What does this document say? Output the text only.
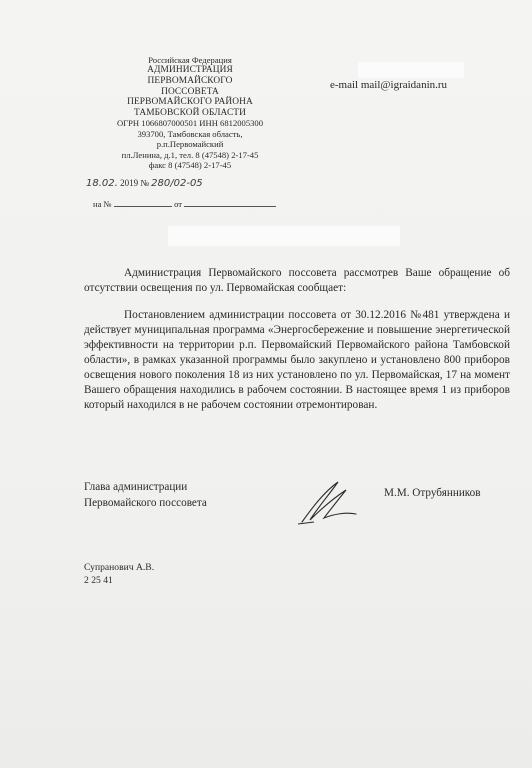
Российская Федерация
АДМИНИСТРАЦИЯ
ПЕРВОМАЙСКОГО
ПОССОВЕТА
ПЕРВОМАЙСКОГО РАЙОНА
ТАМБОВСКОЙ ОБЛАСТИ
ОГРН 1066807000501 ИНН 6812005300
393700, Тамбовская область,
р.п.Первомайский
пл.Ленина, д.1, тел. 8 (47548) 2-17-45
факс 8 (47548) 2-17-45
18.02. 2019 № 280/02-05
на №	от
e-mail mail@igraidanin.ru
Администрация Первомайского поссовета рассмотрев Ваше обращение об отсутствии освещения по ул. Первомайская сообщает:
Постановлением администрации поссовета от 30.12.2016 №481 утверждена и действует муниципальная программа «Энергосбережение и повышение энергетической эффективности на территории р.п. Первомайский Первомайского района Тамбовской области», в рамках указанной программы было закуплено и установлено 800 приборов освещения нового поколения 18 из них установлено по ул. Первомайская, 17 на момент Вашего обращения находились в рабочем состоянии. В настоящее время 1 из приборов который находился в не рабочем состоянии отремонтирован.
Глава администрации
Первомайского поссовета
М.М. Отрубянников
Супранович А.В.
2 25 41
